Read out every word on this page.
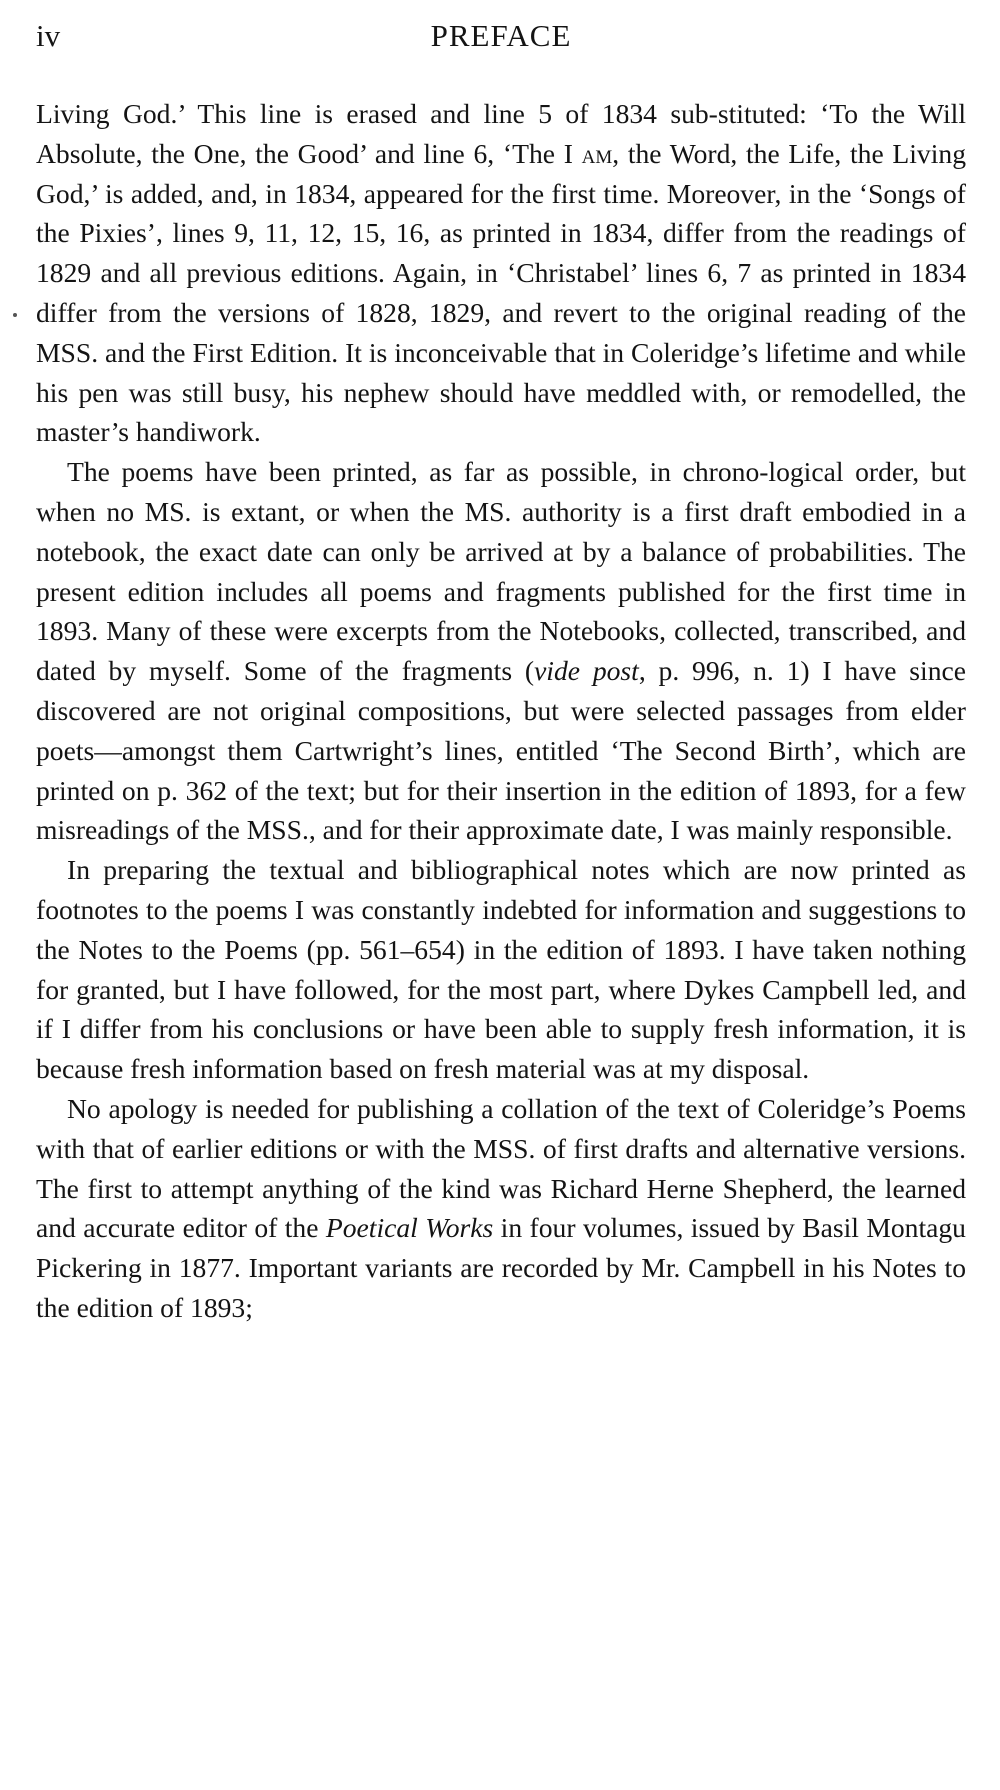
iv	PREFACE

Living God.’ This line is erased and line 5 of 1834 sub-stituted: ‘To the Will Absolute, the One, the Good’ and line 6, ‘The I am, the Word, the Life, the Living God,’ is added, and, in 1834, appeared for the first time. Moreover, in the ‘Songs of the Pixies’, lines 9, 11, 12, 15, 16, as printed in 1834, differ from the readings of 1829 and all previous editions. Again, in ‘Christabel’ lines 6, 7 as printed in 1834 differ from the versions of 1828, 1829, and revert to the original reading of the MSS. and the First Edition. It is inconceivable that in Coleridge’s lifetime and while his pen was still busy, his nephew should have meddled with, or remodelled, the master’s handiwork.

The poems have been printed, as far as possible, in chrono-logical order, but when no MS. is extant, or when the MS. authority is a first draft embodied in a notebook, the exact date can only be arrived at by a balance of probabilities. The present edition includes all poems and fragments published for the first time in 1893. Many of these were excerpts from the Notebooks, collected, transcribed, and dated by myself. Some of the fragments (vide post, p. 996, n. 1) I have since discovered are not original compositions, but were selected passages from elder poets—amongst them Cartwright’s lines, entitled ‘The Second Birth’, which are printed on p. 362 of the text; but for their insertion in the edition of 1893, for a few misreadings of the MSS., and for their approximate date, I was mainly responsible.

In preparing the textual and bibliographical notes which are now printed as footnotes to the poems I was constantly indebted for information and suggestions to the Notes to the Poems (pp. 561–654) in the edition of 1893. I have taken nothing for granted, but I have followed, for the most part, where Dykes Campbell led, and if I differ from his conclusions or have been able to supply fresh information, it is because fresh information based on fresh material was at my disposal.

No apology is needed for publishing a collation of the text of Coleridge’s Poems with that of earlier editions or with the MSS. of first drafts and alternative versions. The first to attempt anything of the kind was Richard Herne Shepherd, the learned and accurate editor of the Poetical Works in four volumes, issued by Basil Montagu Pickering in 1877. Important variants are recorded by Mr. Campbell in his Notes to the edition of 1893;
